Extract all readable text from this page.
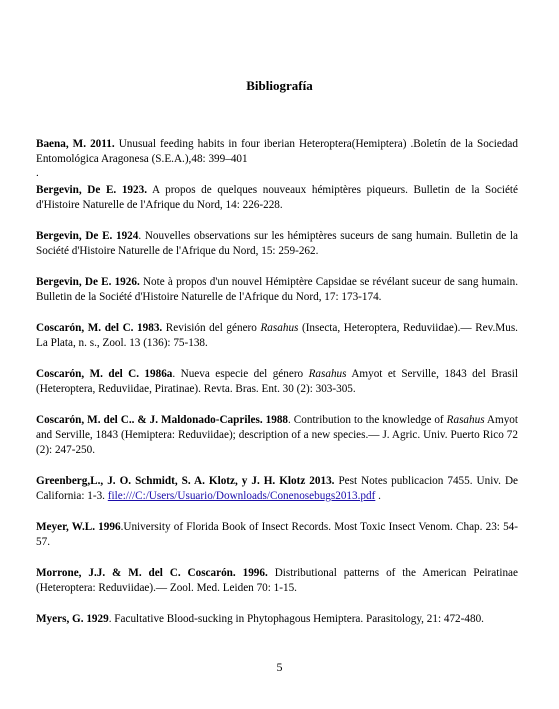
Bibliografía

Baena, M. 2011. Unusual feeding habits in four iberian Heteroptera(Hemiptera) .Boletín de la Sociedad Entomológica Aragonesa (S.E.A.),48: 399–401

.

Bergevin, De E. 1923. A propos de quelques nouveaux hémiptères piqueurs. Bulletin de la Société d'Histoire Naturelle de l'Afrique du Nord, 14: 226-228.

Bergevin, De E. 1924. Nouvelles observations sur les hémiptères suceurs de sang humain. Bulletin de la Société d'Histoire Naturelle de l'Afrique du Nord, 15: 259-262.

Bergevin, De E. 1926. Note à propos d'un nouvel Hémiptère Capsidae se révélant suceur de sang humain. Bulletin de la Société d'Histoire Naturelle de l'Afrique du Nord, 17: 173-174.

Coscarón, M. del C. 1983. Revisión del género Rasahus (Insecta, Heteroptera, Reduviidae).— Rev.Mus. La Plata, n. s., Zool. 13 (136): 75-138.

Coscarón, M. del C. 1986a. Nueva especie del género Rasahus Amyot et Serville, 1843 del Brasil (Heteroptera, Reduviidae, Piratinae). Revta. Bras. Ent. 30 (2): 303-305.

Coscarón, M. del C.. & J. Maldonado-Capriles. 1988. Contribution to the knowledge of Rasahus Amyot and Serville, 1843 (Hemiptera: Reduviidae); description of a new species.— J. Agric. Univ. Puerto Rico 72 (2): 247-250.

Greenberg,L., J. O. Schmidt, S. A. Klotz, y J. H. Klotz 2013. Pest Notes publicacion 7455. Univ. De California: 1-3. file:///C:/Users/Usuario/Downloads/Conenosebugs2013.pdf .

Meyer, W.L. 1996.University of Florida Book of Insect Records. Most Toxic Insect Venom. Chap. 23: 54-57.

Morrone, J.J. & M. del C. Coscarón. 1996. Distributional patterns of the American Peiratinae (Heteroptera: Reduviidae).— Zool. Med. Leiden 70: 1-15.

Myers, G. 1929. Facultative Blood-sucking in Phytophagous Hemiptera. Parasitology, 21: 472-480.

5
